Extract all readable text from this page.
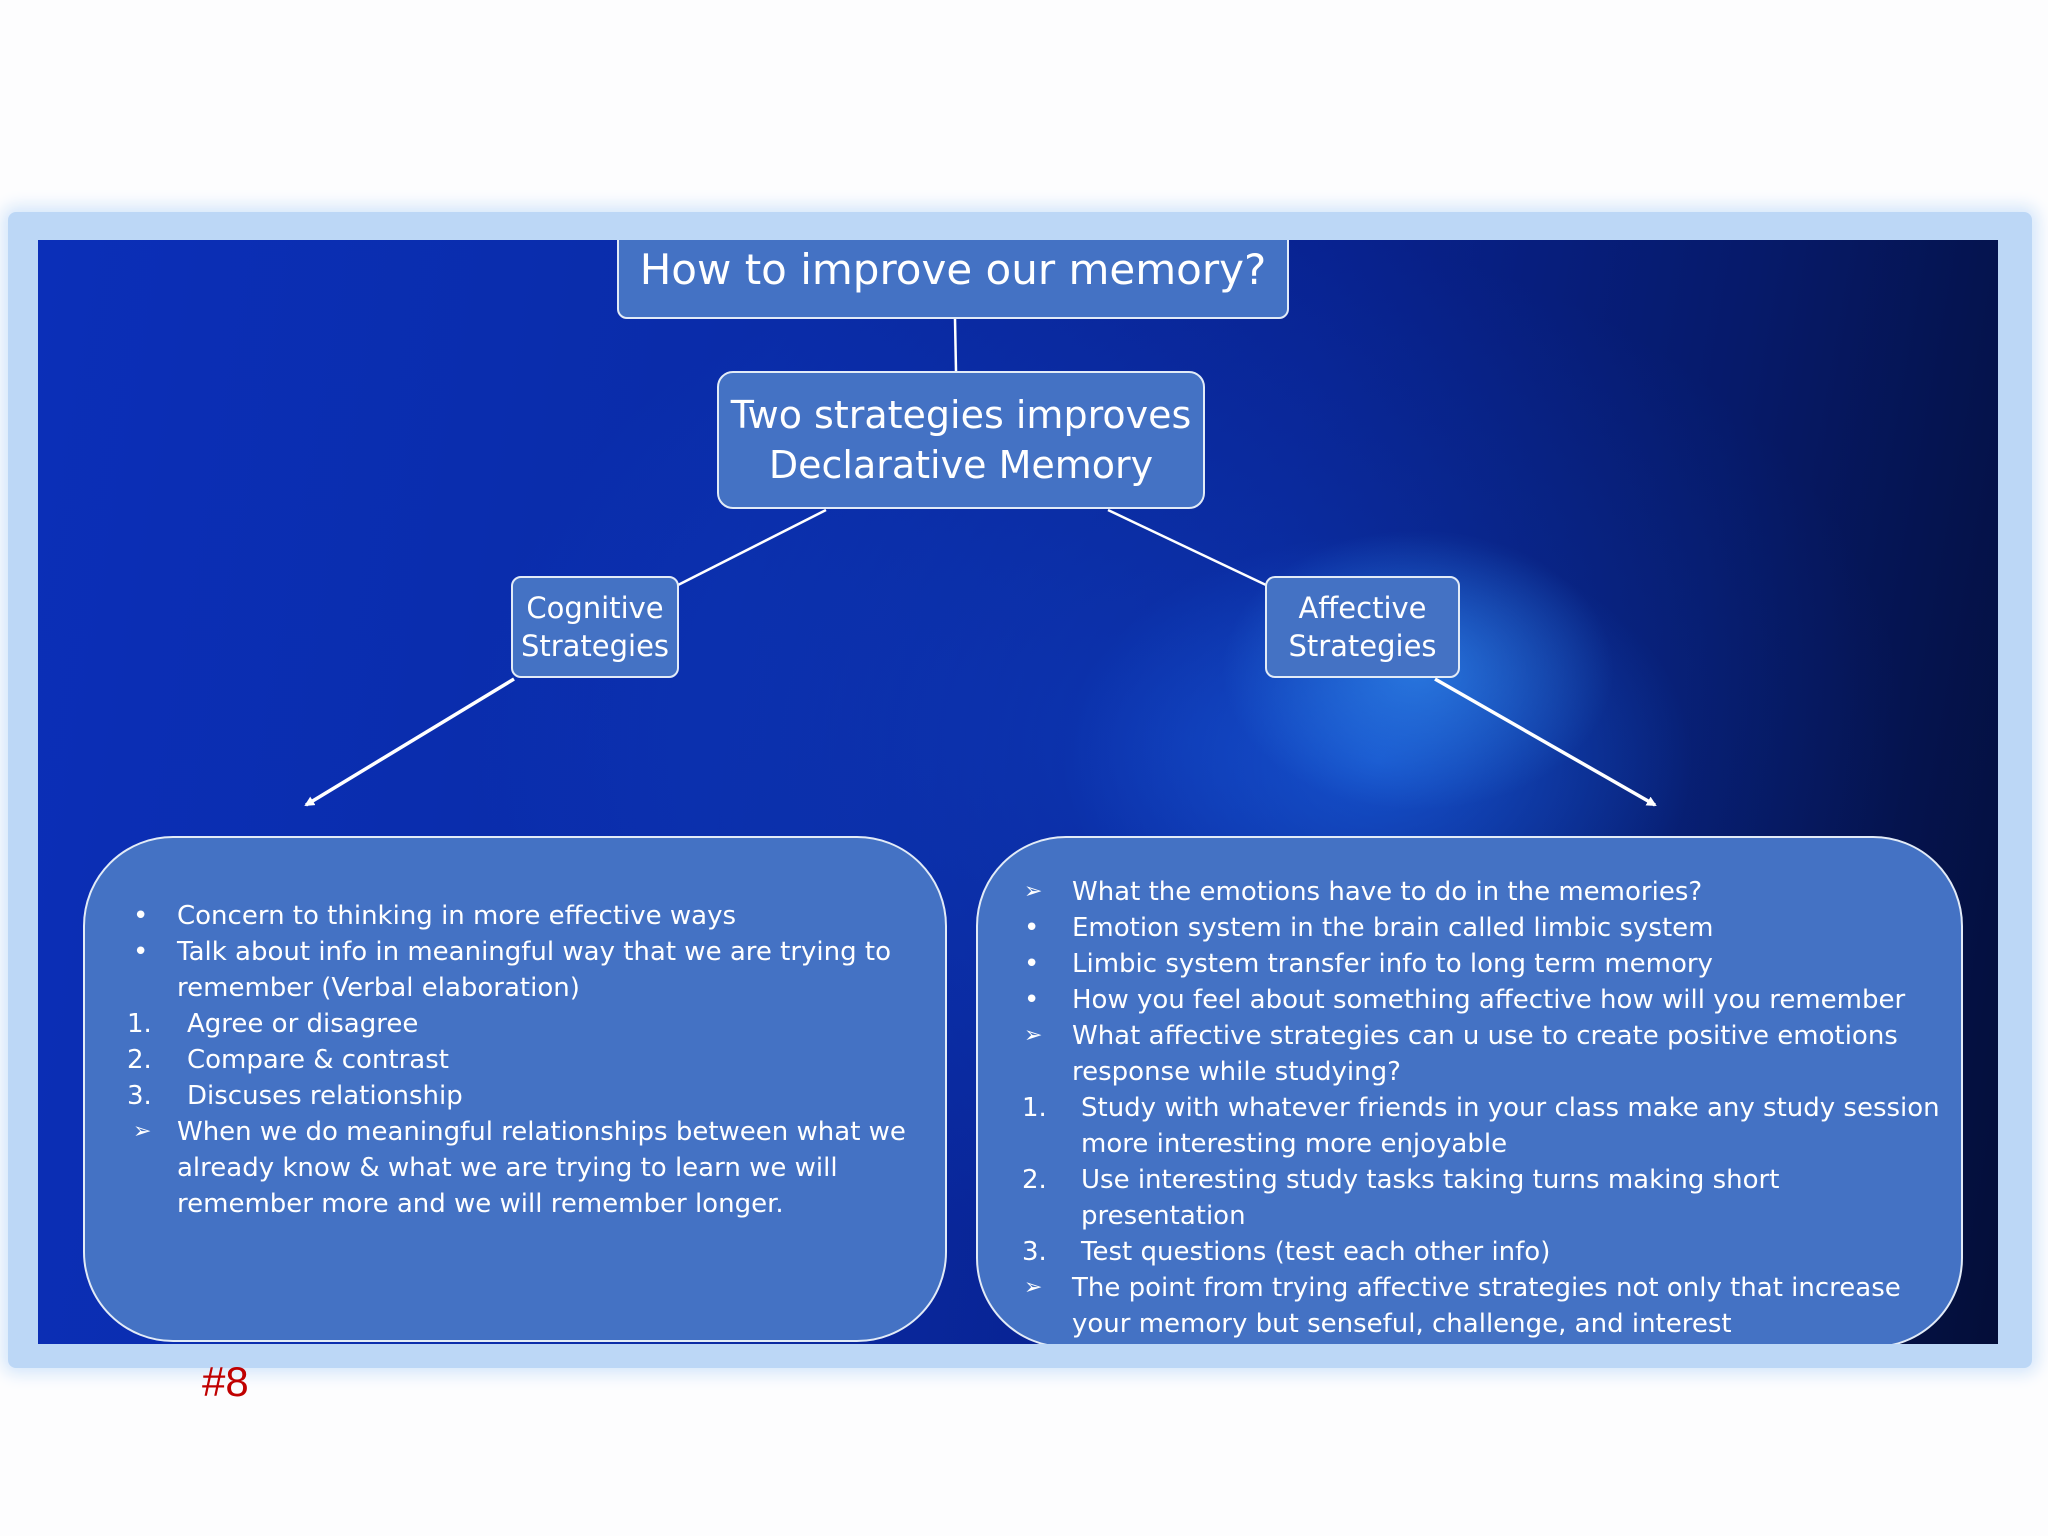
How to improve our memory?
Two strategies improves
Declarative Memory
Cognitive
Strategies
Affective
Strategies
•	Concern to thinking in more effective ways
•	Talk about info in meaningful way that we are trying to remember (Verbal elaboration)
1.	Agree or disagree
2.	Compare & contrast
3.	Discuses relationship
➢ When we do meaningful relationships between what we already know & what we are trying to learn we will remember more and we will remember longer.
➢	What the emotions have to do in the memories?
•	Emotion system in the brain called limbic system
•	Limbic system transfer info to long term memory
•	How you feel about something affective how will you remember
➢	What affective strategies can u use to create positive emotions response while studying?
1.	Study with whatever friends in your class make any study session more interesting more enjoyable
2.	Use interesting study tasks taking turns making short presentation
3.	Test questions (test each other info)
➢	The point from trying affective strategies not only that increase your memory but senseful, challenge, and interest
#8
